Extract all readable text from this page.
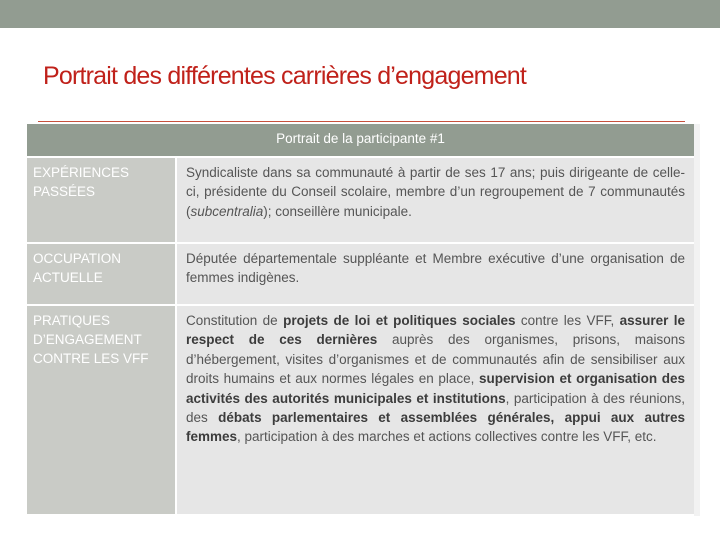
Portrait des différentes carrières d’engagement
Portrait de la participante #1
EXPÉRIENCES PASSÉES
Syndicaliste dans sa communauté à partir de ses 17 ans; puis dirigeante de celle-ci, présidente du Conseil scolaire, membre d’un regroupement de 7 communautés (subcentralia); conseillère municipale.
OCCUPATION ACTUELLE
Députée départementale suppléante et Membre exécutive d’une organisation de femmes indigènes.
PRATIQUES D’ENGAGEMENT CONTRE LES VFF
Constitution de projets de loi et politiques sociales contre les VFF, assurer le respect de ces dernières auprès des organismes, prisons, maisons d’hébergement, visites d’organismes et de communautés afin de sensibiliser aux droits humains et aux normes légales en place, supervision et organisation des activités des autorités municipales et institutions, participation à des réunions, des débats parlementaires et assemblées générales, appui aux autres femmes, participation à des marches et actions collectives contre les VFF, etc.
